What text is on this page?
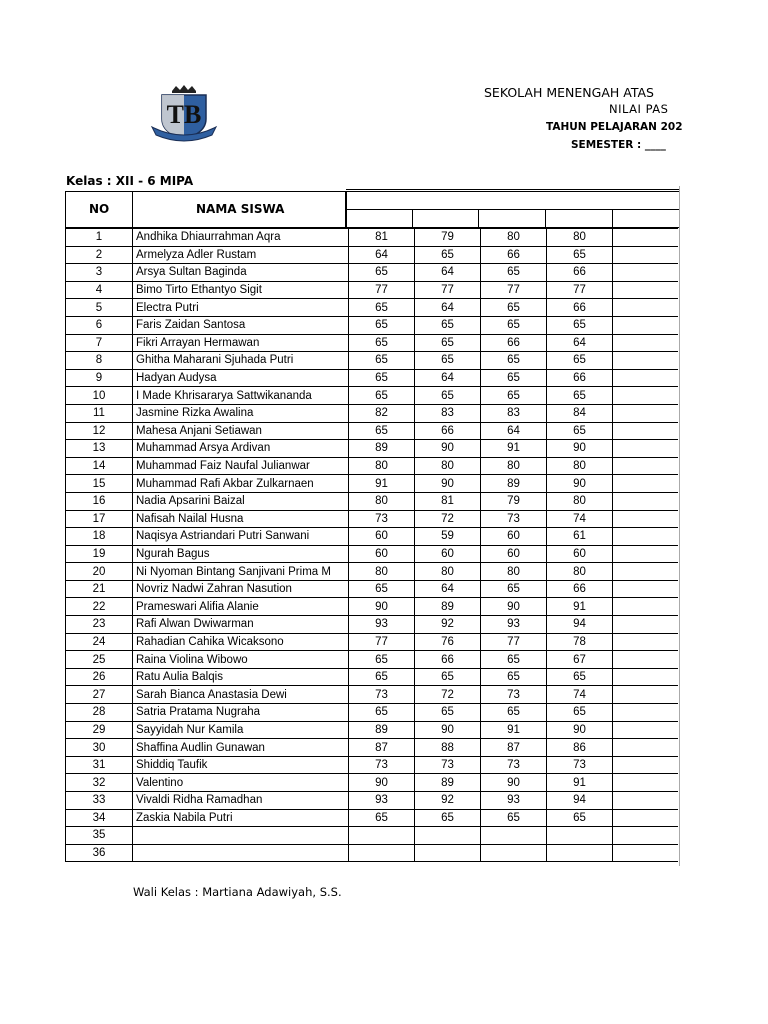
TB
SEKOLAH MENENGAH ATAS
NILAI PAS
TAHUN PELAJARAN 202
SEMESTER : ____
Kelas : XII - 6 MIPA
NO	NAMA SISWA
1	Andhika Dhiaurrahman Aqra	81	79	80	80	
2	Armelyza Adler Rustam	64	65	66	65	
3	Arsya Sultan Baginda	65	64	65	66	
4	Bimo Tirto Ethantyo Sigit	77	77	77	77	
5	Electra Putri	65	64	65	66	
6	Faris Zaidan Santosa	65	65	65	65	
7	Fikri Arrayan Hermawan	65	65	66	64	
8	Ghitha Maharani Sjuhada Putri	65	65	65	65	
9	Hadyan Audysa	65	64	65	66	
10	I Made Khrisararya Sattwikananda	65	65	65	65	
11	Jasmine Rizka Awalina	82	83	83	84	
12	Mahesa Anjani Setiawan	65	66	64	65	
13	Muhammad Arsya Ardivan	89	90	91	90	
14	Muhammad Faiz Naufal Julianwar	80	80	80	80	
15	Muhammad Rafi Akbar Zulkarnaen	91	90	89	90	
16	Nadia Apsarini Baizal	80	81	79	80	
17	Nafisah Nailal Husna	73	72	73	74	
18	Naqisya Astriandari Putri Sanwani	60	59	60	61	
19	Ngurah Bagus	60	60	60	60	
20	Ni Nyoman Bintang Sanjivani Prima M	80	80	80	80	
21	Novriz Nadwi Zahran Nasution	65	64	65	66	
22	Prameswari Alifia Alanie	90	89	90	91	
23	Rafi Alwan Dwiwarman	93	92	93	94	
24	Rahadian Cahika Wicaksono	77	76	77	78	
25	Raina Violina Wibowo	65	66	65	67	
26	Ratu Aulia Balqis	65	65	65	65	
27	Sarah Bianca Anastasia Dewi	73	72	73	74	
28	Satria Pratama Nugraha	65	65	65	65	
29	Sayyidah Nur Kamila	89	90	91	90	
30	Shaffina Audlin Gunawan	87	88	87	86	
31	Shiddiq Taufik	73	73	73	73	
32	Valentino	90	89	90	91	
33	Vivaldi Ridha Ramadhan	93	92	93	94	
34	Zaskia Nabila Putri	65	65	65	65	
35						
36						
Wali Kelas : Martiana Adawiyah, S.S.
